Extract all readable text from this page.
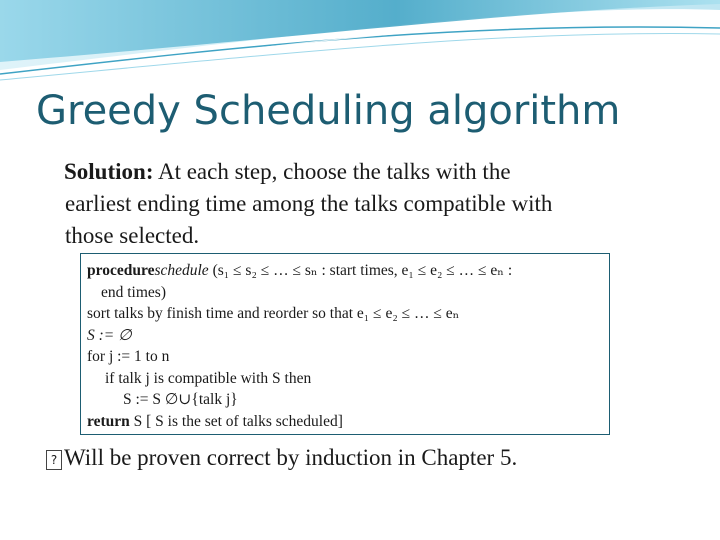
Greedy Scheduling algorithm
Solution: At each step, choose the talks with the
earliest ending time among the talks compatible with
those selected.
procedureschedule (s₁ ≤ s₂ ≤ … ≤ sₙ : start times, e₁ ≤ e₂ ≤ … ≤ eₙ :
end times)
sort talks by finish time and reorder so that e₁ ≤ e₂ ≤ … ≤ eₙ
S := ∅
for j := 1 to n
if talk j is compatible with S then
S := S ∅∪{talk j}
return S [ S is the set of talks scheduled]
? Will be proven correct by induction in Chapter 5.
